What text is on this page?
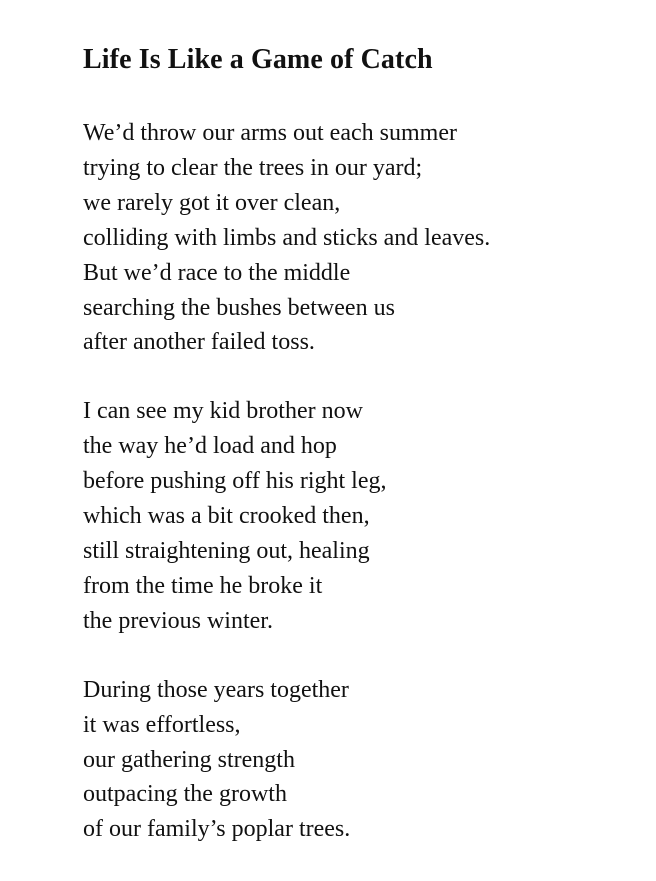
Life Is Like a Game of Catch
We’d throw our arms out each summer
trying to clear the trees in our yard;
we rarely got it over clean,
colliding with limbs and sticks and leaves.
But we’d race to the middle
searching the bushes between us
after another failed toss.
I can see my kid brother now
the way he’d load and hop
before pushing off his right leg,
which was a bit crooked then,
still straightening out, healing
from the time he broke it
the previous winter.
During those years together
it was effortless,
our gathering strength
outpacing the growth
of our family’s poplar trees.
